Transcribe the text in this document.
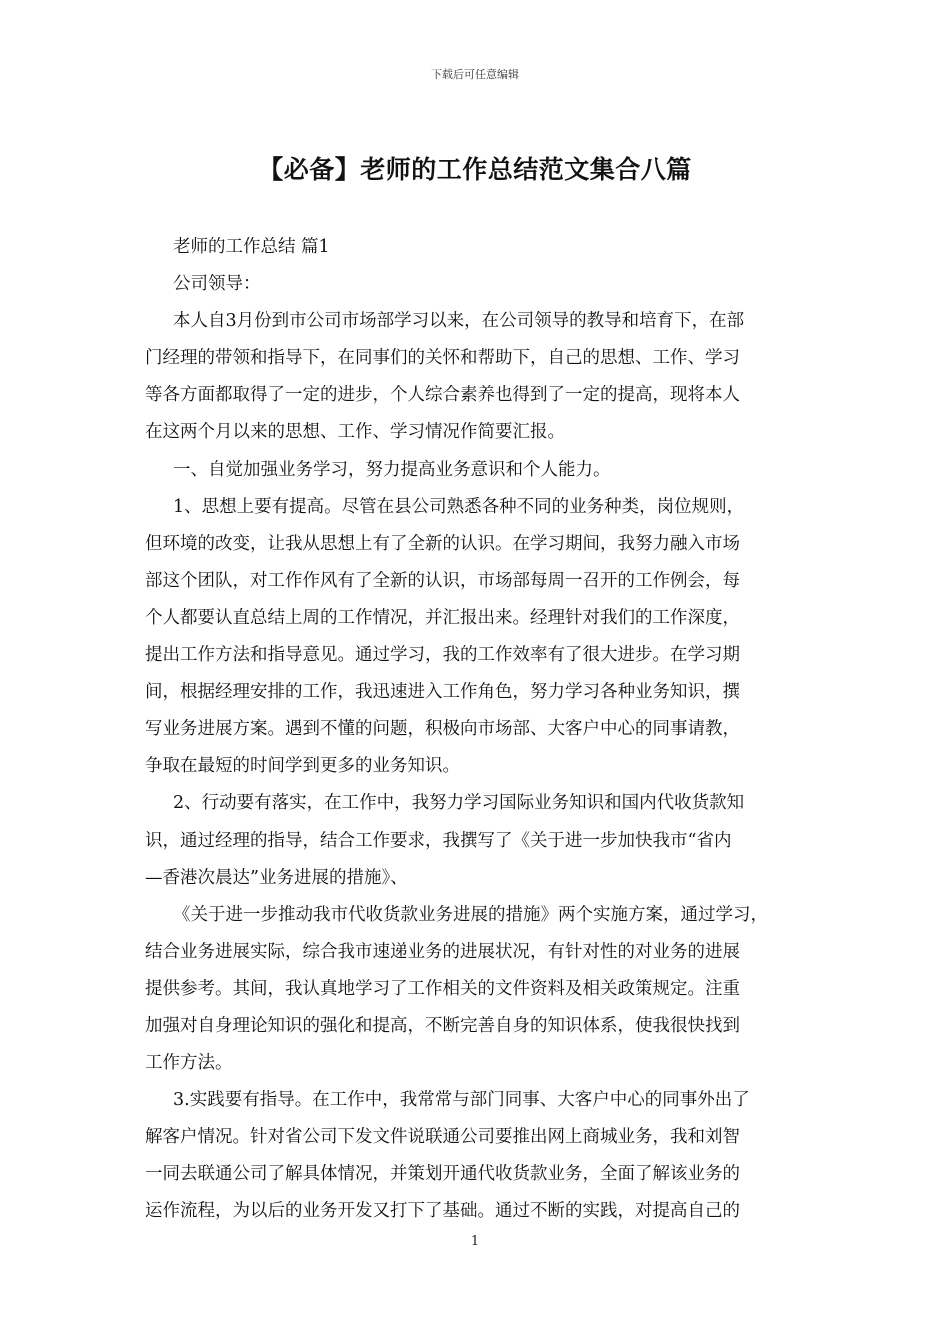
下载后可任意编辑
【必备】老师的工作总结范文集合八篇
老师的工作总结 篇1
公司领导：
本人自3月份到市公司市场部学习以来，在公司领导的教导和培育下，在部
门经理的带领和指导下，在同事们的关怀和帮助下，自己的思想、工作、学习
等各方面都取得了一定的进步，个人综合素养也得到了一定的提高，现将本人
在这两个月以来的思想、工作、学习情况作简要汇报。
一、自觉加强业务学习，努力提高业务意识和个人能力。
1、思想上要有提高。尽管在县公司熟悉各种不同的业务种类，岗位规则，
但环境的改变，让我从思想上有了全新的认识。在学习期间，我努力融入市场
部这个团队，对工作作风有了全新的认识，市场部每周一召开的工作例会，每
个人都要认直总结上周的工作情况，并汇报出来。经理针对我们的工作深度，
提出工作方法和指导意见。通过学习，我的工作效率有了很大进步。在学习期
间，根据经理安排的工作，我迅速进入工作角色，努力学习各种业务知识，撰
写业务进展方案。遇到不懂的问题，积极向市场部、大客户中心的同事请教，
争取在最短的时间学到更多的业务知识。
2、行动要有落实，在工作中，我努力学习国际业务知识和国内代收货款知
识，通过经理的指导，结合工作要求，我撰写了《关于进一步加快我市“省内
—香港次晨达”业务进展的措施》、
《关于进一步推动我市代收货款业务进展的措施》两个实施方案，通过学习，
结合业务进展实际，综合我市速递业务的进展状况，有针对性的对业务的进展
提供参考。其间，我认真地学习了工作相关的文件资料及相关政策规定。注重
加强对自身理论知识的强化和提高，不断完善自身的知识体系，使我很快找到
工作方法。
3.实践要有指导。在工作中，我常常与部门同事、大客户中心的同事外出了
解客户情况。针对省公司下发文件说联通公司要推出网上商城业务，我和刘智
一同去联通公司了解具体情况，并策划开通代收货款业务，全面了解该业务的
运作流程，为以后的业务开发又打下了基础。通过不断的实践，对提高自己的
1
